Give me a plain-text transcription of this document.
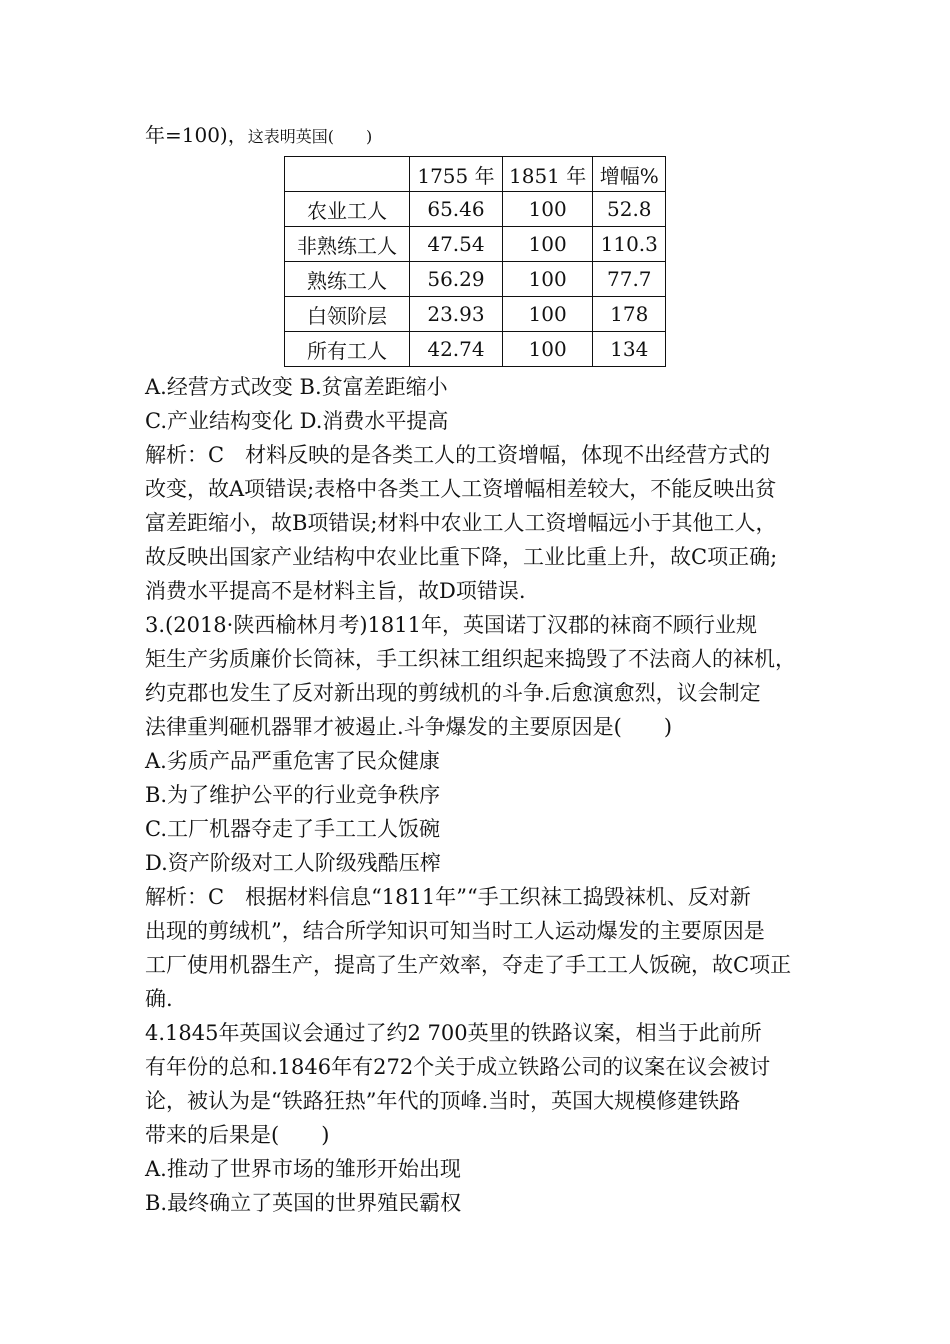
年=100)，这表明英国(　　)
	1755 年	1851 年	增幅%
农业工人	65.46	100	52.8
非熟练工人	47.54	100	110.3
熟练工人	56.29	100	77.7
白领阶层	23.93	100	178
所有工人	42.74	100	134
A.经营方式改变 B.贫富差距缩小
C.产业结构变化 D.消费水平提高
解析：C　材料反映的是各类工人的工资增幅，体现不出经营方式的
改变，故A项错误;表格中各类工人工资增幅相差较大，不能反映出贫
富差距缩小，故B项错误;材料中农业工人工资增幅远小于其他工人，
故反映出国家产业结构中农业比重下降，工业比重上升，故C项正确;
消费水平提高不是材料主旨，故D项错误.
3.(2018·陕西榆林月考)1811年，英国诺丁汉郡的袜商不顾行业规
矩生产劣质廉价长筒袜，手工织袜工组织起来捣毁了不法商人的袜机，
约克郡也发生了反对新出现的剪绒机的斗争.后愈演愈烈，议会制定
法律重判砸机器罪才被遏止.斗争爆发的主要原因是(　　)
A.劣质产品严重危害了民众健康
B.为了维护公平的行业竞争秩序
C.工厂机器夺走了手工工人饭碗
D.资产阶级对工人阶级残酷压榨
解析：C　根据材料信息“1811年”“手工织袜工捣毁袜机、反对新
出现的剪绒机”，结合所学知识可知当时工人运动爆发的主要原因是
工厂使用机器生产，提高了生产效率，夺走了手工工人饭碗，故C项正
确.
4.1845年英国议会通过了约2 700英里的铁路议案，相当于此前所
有年份的总和.1846年有272个关于成立铁路公司的议案在议会被讨
论，被认为是“铁路狂热”年代的顶峰.当时，英国大规模修建铁路
带来的后果是(　　)
A.推动了世界市场的雏形开始出现
B.最终确立了英国的世界殖民霸权
